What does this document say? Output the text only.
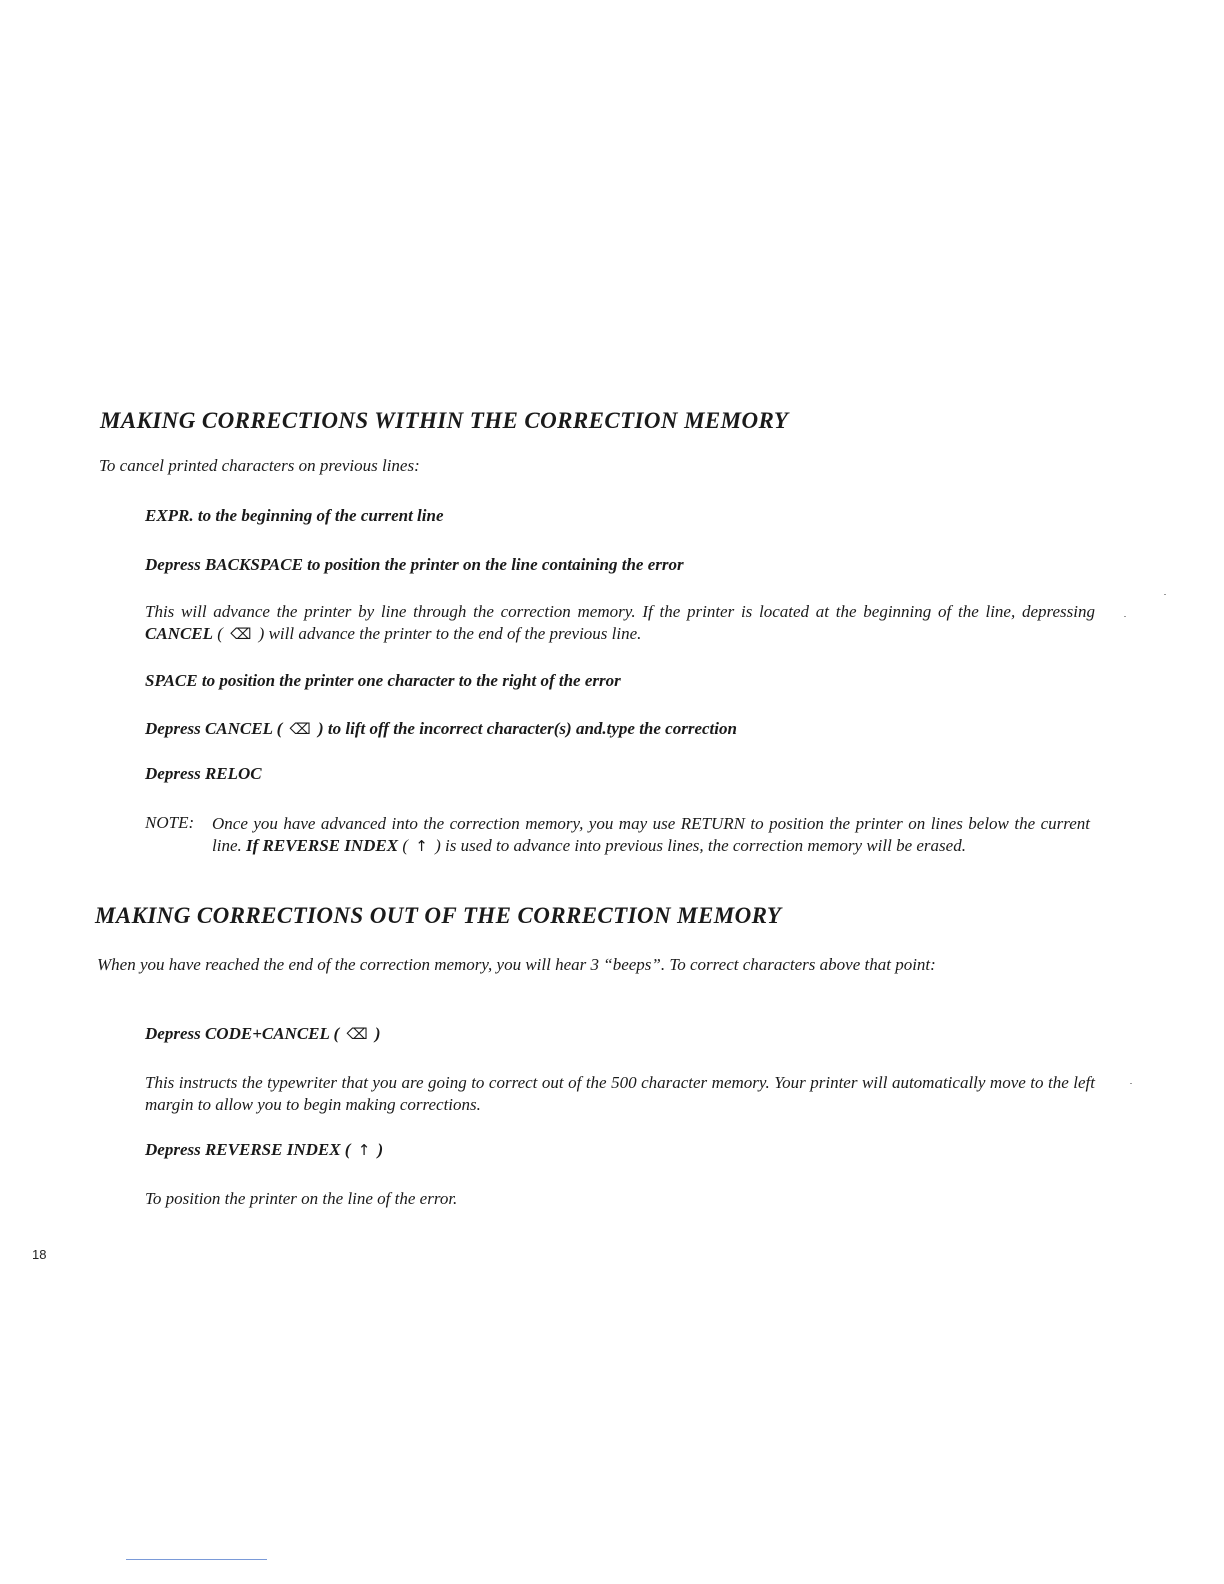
MAKING CORRECTIONS WITHIN THE CORRECTION MEMORY
To cancel printed characters on previous lines:
EXPR. to the beginning of the current line
Depress BACKSPACE to position the printer on the line containing the error
This will advance the printer by line through the correction memory. If the printer is located at the beginning of the line, depressing CANCEL ( ⌫ ) will advance the printer to the end of the previous line.
SPACE to position the printer one character to the right of the error
Depress CANCEL ( ⌫ ) to lift off the incorrect character(s) and.type the correction
Depress RELOC
NOTE: Once you have advanced into the correction memory, you may use RETURN to position the printer on lines below the current line. If REVERSE INDEX ( ↑ ) is used to advance into previous lines, the correction memory will be erased.
MAKING CORRECTIONS OUT OF THE CORRECTION MEMORY
When you have reached the end of the correction memory, you will hear 3 “beeps”. To correct characters above that point:
Depress CODE+CANCEL ( ⌫ )
This instructs the typewriter that you are going to correct out of the 500 character memory. Your printer will automatically move to the left margin to allow you to begin making corrections.
Depress REVERSE INDEX ( ↑ )
To position the printer on the line of the error.
18
